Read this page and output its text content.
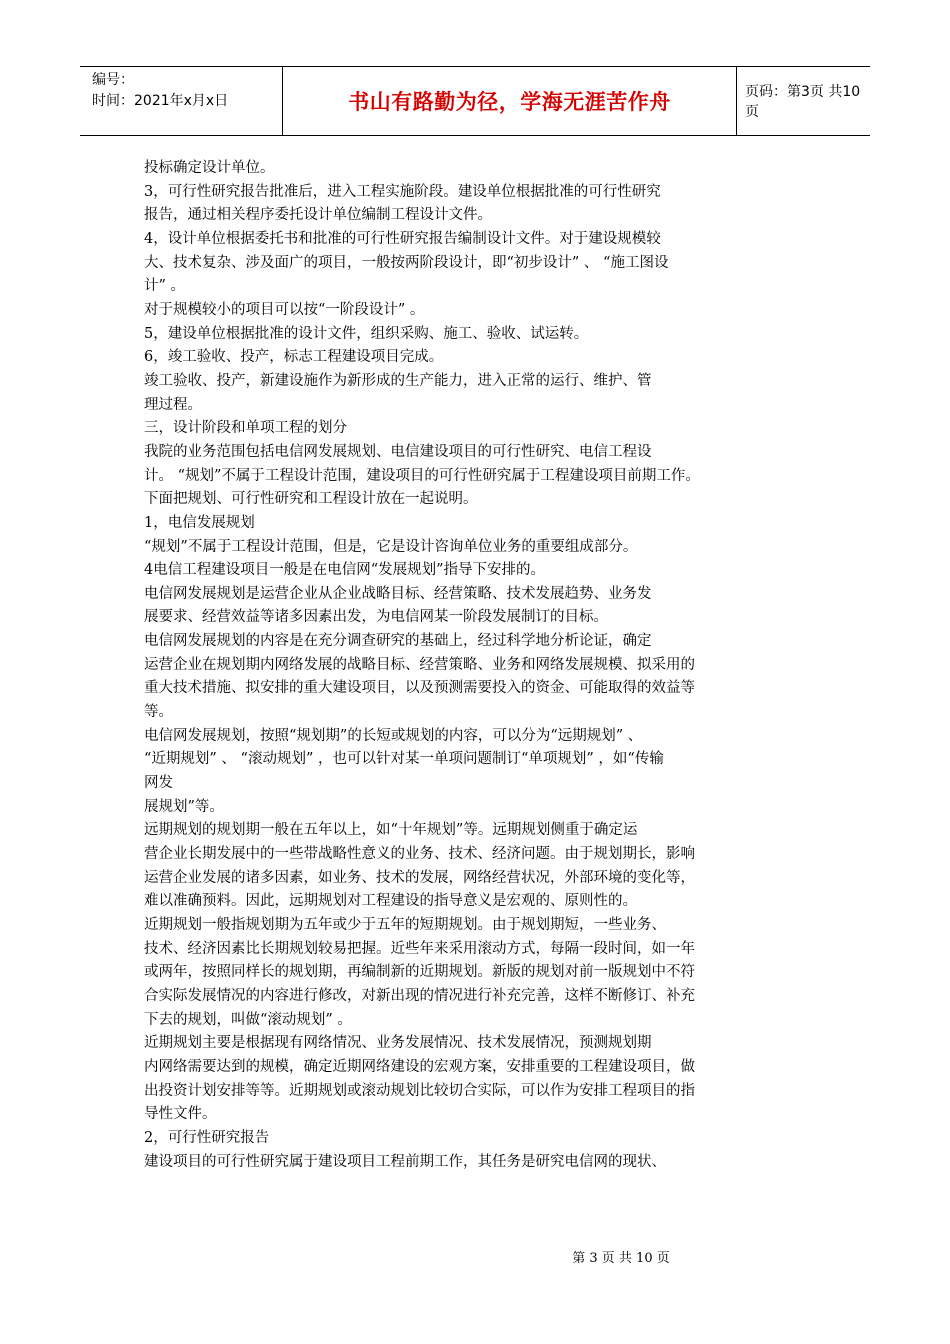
编号：
时间：2021年x月x日	书山有路勤为径，学海无涯苦作舟	页码：第3页 共10页
投标确定设计单位。
3，可行性研究报告批准后，进入工程实施阶段。建设单位根据批准的可行性研究
报告，通过相关程序委托设计单位编制工程设计文件。
4，设计单位根据委托书和批准的可行性研究报告编制设计文件。对于建设规模较
大、技术复杂、涉及面广的项目，一般按两阶段设计，即“初步设计” 、 “施工图设
计” 。
对于规模较小的项目可以按“一阶段设计” 。
5，建设单位根据批准的设计文件，组织采购、施工、验收、试运转。
6，竣工验收、投产，标志工程建设项目完成。
竣工验收、投产，新建设施作为新形成的生产能力，进入正常的运行、维护、管
理过程。
三，设计阶段和单项工程的划分
我院的业务范围包括电信网发展规划、电信建设项目的可行性研究、电信工程设
计。 “规划”不属于工程设计范围，建设项目的可行性研究属于工程建设项目前期工作。
下面把规划、可行性研究和工程设计放在一起说明。
1，电信发展规划
“规划”不属于工程设计范围，但是，它是设计咨询单位业务的重要组成部分。
4电信工程建设项目一般是在电信网“发展规划”指导下安排的。
电信网发展规划是运营企业从企业战略目标、经营策略、技术发展趋势、业务发
展要求、经营效益等诸多因素出发，为电信网某一阶段发展制订的目标。
电信网发展规划的内容是在充分调查研究的基础上，经过科学地分析论证，确定
运营企业在规划期内网络发展的战略目标、经营策略、业务和网络发展规模、拟采用的
重大技术措施、拟安排的重大建设项目，以及预测需要投入的资金、可能取得的效益等
等。
电信网发展规划，按照“规划期”的长短或规划的内容，可以分为“远期规划” 、
“近期规划” 、 “滚动规划” ，也可以针对某一单项问题制订“单项规划” ，如“传输
网发
展规划”等。
远期规划的规划期一般在五年以上，如“十年规划”等。远期规划侧重于确定运
营企业长期发展中的一些带战略性意义的业务、技术、经济问题。由于规划期长，影响
运营企业发展的诸多因素，如业务、技术的发展，网络经营状况，外部环境的变化等，
难以准确预料。因此，远期规划对工程建设的指导意义是宏观的、原则性的。
近期规划一般指规划期为五年或少于五年的短期规划。由于规划期短，一些业务、
技术、经济因素比长期规划较易把握。近些年来采用滚动方式，每隔一段时间，如一年
或两年，按照同样长的规划期，再编制新的近期规划。新版的规划对前一版规划中不符
合实际发展情况的内容进行修改，对新出现的情况进行补充完善，这样不断修订、补充
下去的规划，叫做“滚动规划” 。
近期规划主要是根据现有网络情况、业务发展情况、技术发展情况，预测规划期
内网络需要达到的规模，确定近期网络建设的宏观方案，安排重要的工程建设项目，做
出投资计划安排等等。近期规划或滚动规划比较切合实际，可以作为安排工程项目的指
导性文件。
2，可行性研究报告
建设项目的可行性研究属于建设项目工程前期工作，其任务是研究电信网的现状、
第 3 页 共 10 页
